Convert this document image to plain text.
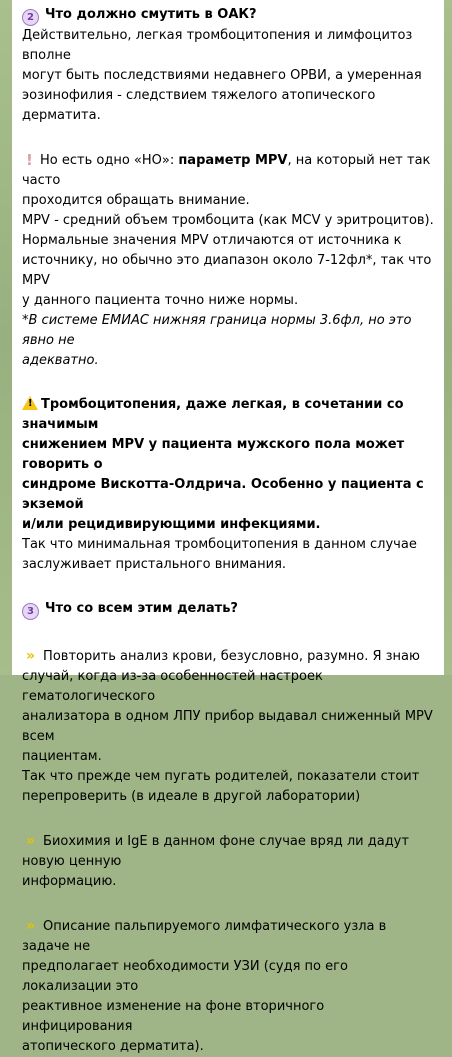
2 Что должно смутить в ОАК?

Действительно, легкая тромбоцитопения и лимфоцитоз вполне

могут быть последствиями недавнего ОРВИ, а умеренная

эозинофилия - следствием тяжелого атопического дерматита.

! Но есть одно «НО»: параметр MPV, на который нет так часто

проходится обращать внимание.

MPV - средний объем тромбоцита (как MCV у эритроцитов).

Нормальные значения MPV отличаются от источника к

источнику, но обычно это диапазон около 7-12фл*, так что MPV

у данного пациента точно ниже нормы.

*В системе ЕМИАС нижняя граница нормы 3.6фл, но это явно не

адекватно.

!Тромбоцитопения, даже легкая, в сочетании со значимым

снижением MPV у пациента мужского пола может говорить о

синдроме Вискотта-Олдрича. Особенно у пациента с экземой

и/или рецидивирующими инфекциями.

Так что минимальная тромбоцитопения в данном случае

заслуживает пристального внимания.

3 Что со всем этим делать?

» Повторить анализ крови, безусловно, разумно. Я знаю

случай, когда из-за особенностей настроек гематологического

анализатора в одном ЛПУ прибор выдавал сниженный MPV всем

пациентам.

Так что прежде чем пугать родителей, показатели стоит

перепроверить (в идеале в другой лаборатории)

» Биохимия и IgE в данном фоне случае вряд ли дадут новую ценную

информацию.

» Описание пальпируемого лимфатического узла в задаче не

предполагает необходимости УЗИ (судя по его локализации это

реактивное изменение на фоне вторичного инфицирования

атопического дерматита).
